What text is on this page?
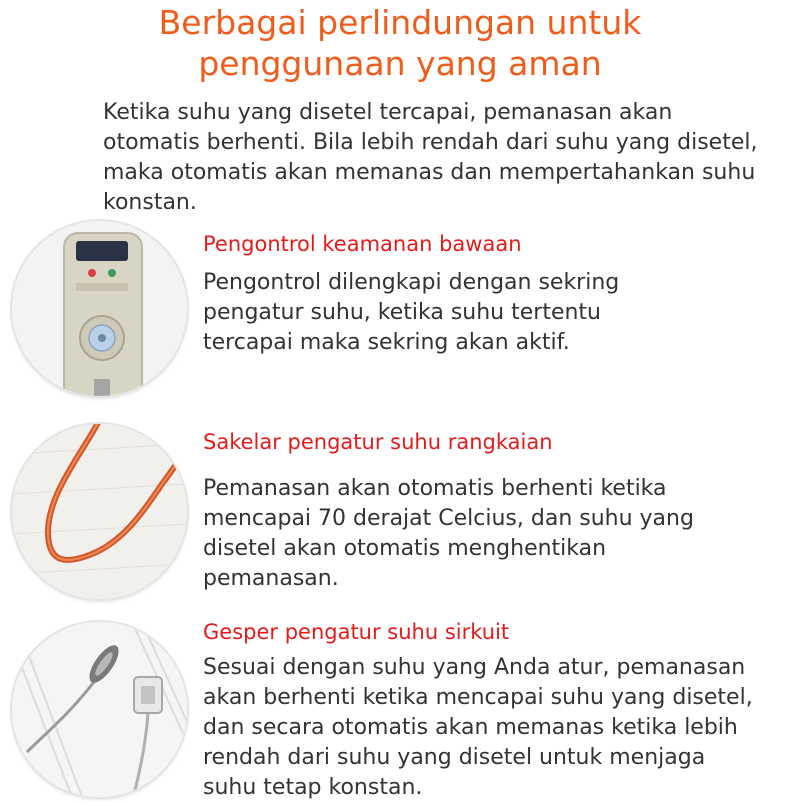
Berbagai perlindungan untuk
penggunaan yang aman

Ketika suhu yang disetel tercapai, pemanasan akan otomatis berhenti. Bila lebih rendah dari suhu yang disetel, maka otomatis akan memanas dan mempertahankan suhu konstan.

Pengontrol keamanan bawaan

Pengontrol dilengkapi dengan sekring pengatur suhu, ketika suhu tertentu tercapai maka sekring akan aktif.

Sakelar pengatur suhu rangkaian

Pemanasan akan otomatis berhenti ketika mencapai 70 derajat Celcius, dan suhu yang disetel akan otomatis menghentikan pemanasan.

Gesper pengatur suhu sirkuit

Sesuai dengan suhu yang Anda atur, pemanasan akan berhenti ketika mencapai suhu yang disetel, dan secara otomatis akan memanas ketika lebih rendah dari suhu yang disetel untuk menjaga suhu tetap konstan.
